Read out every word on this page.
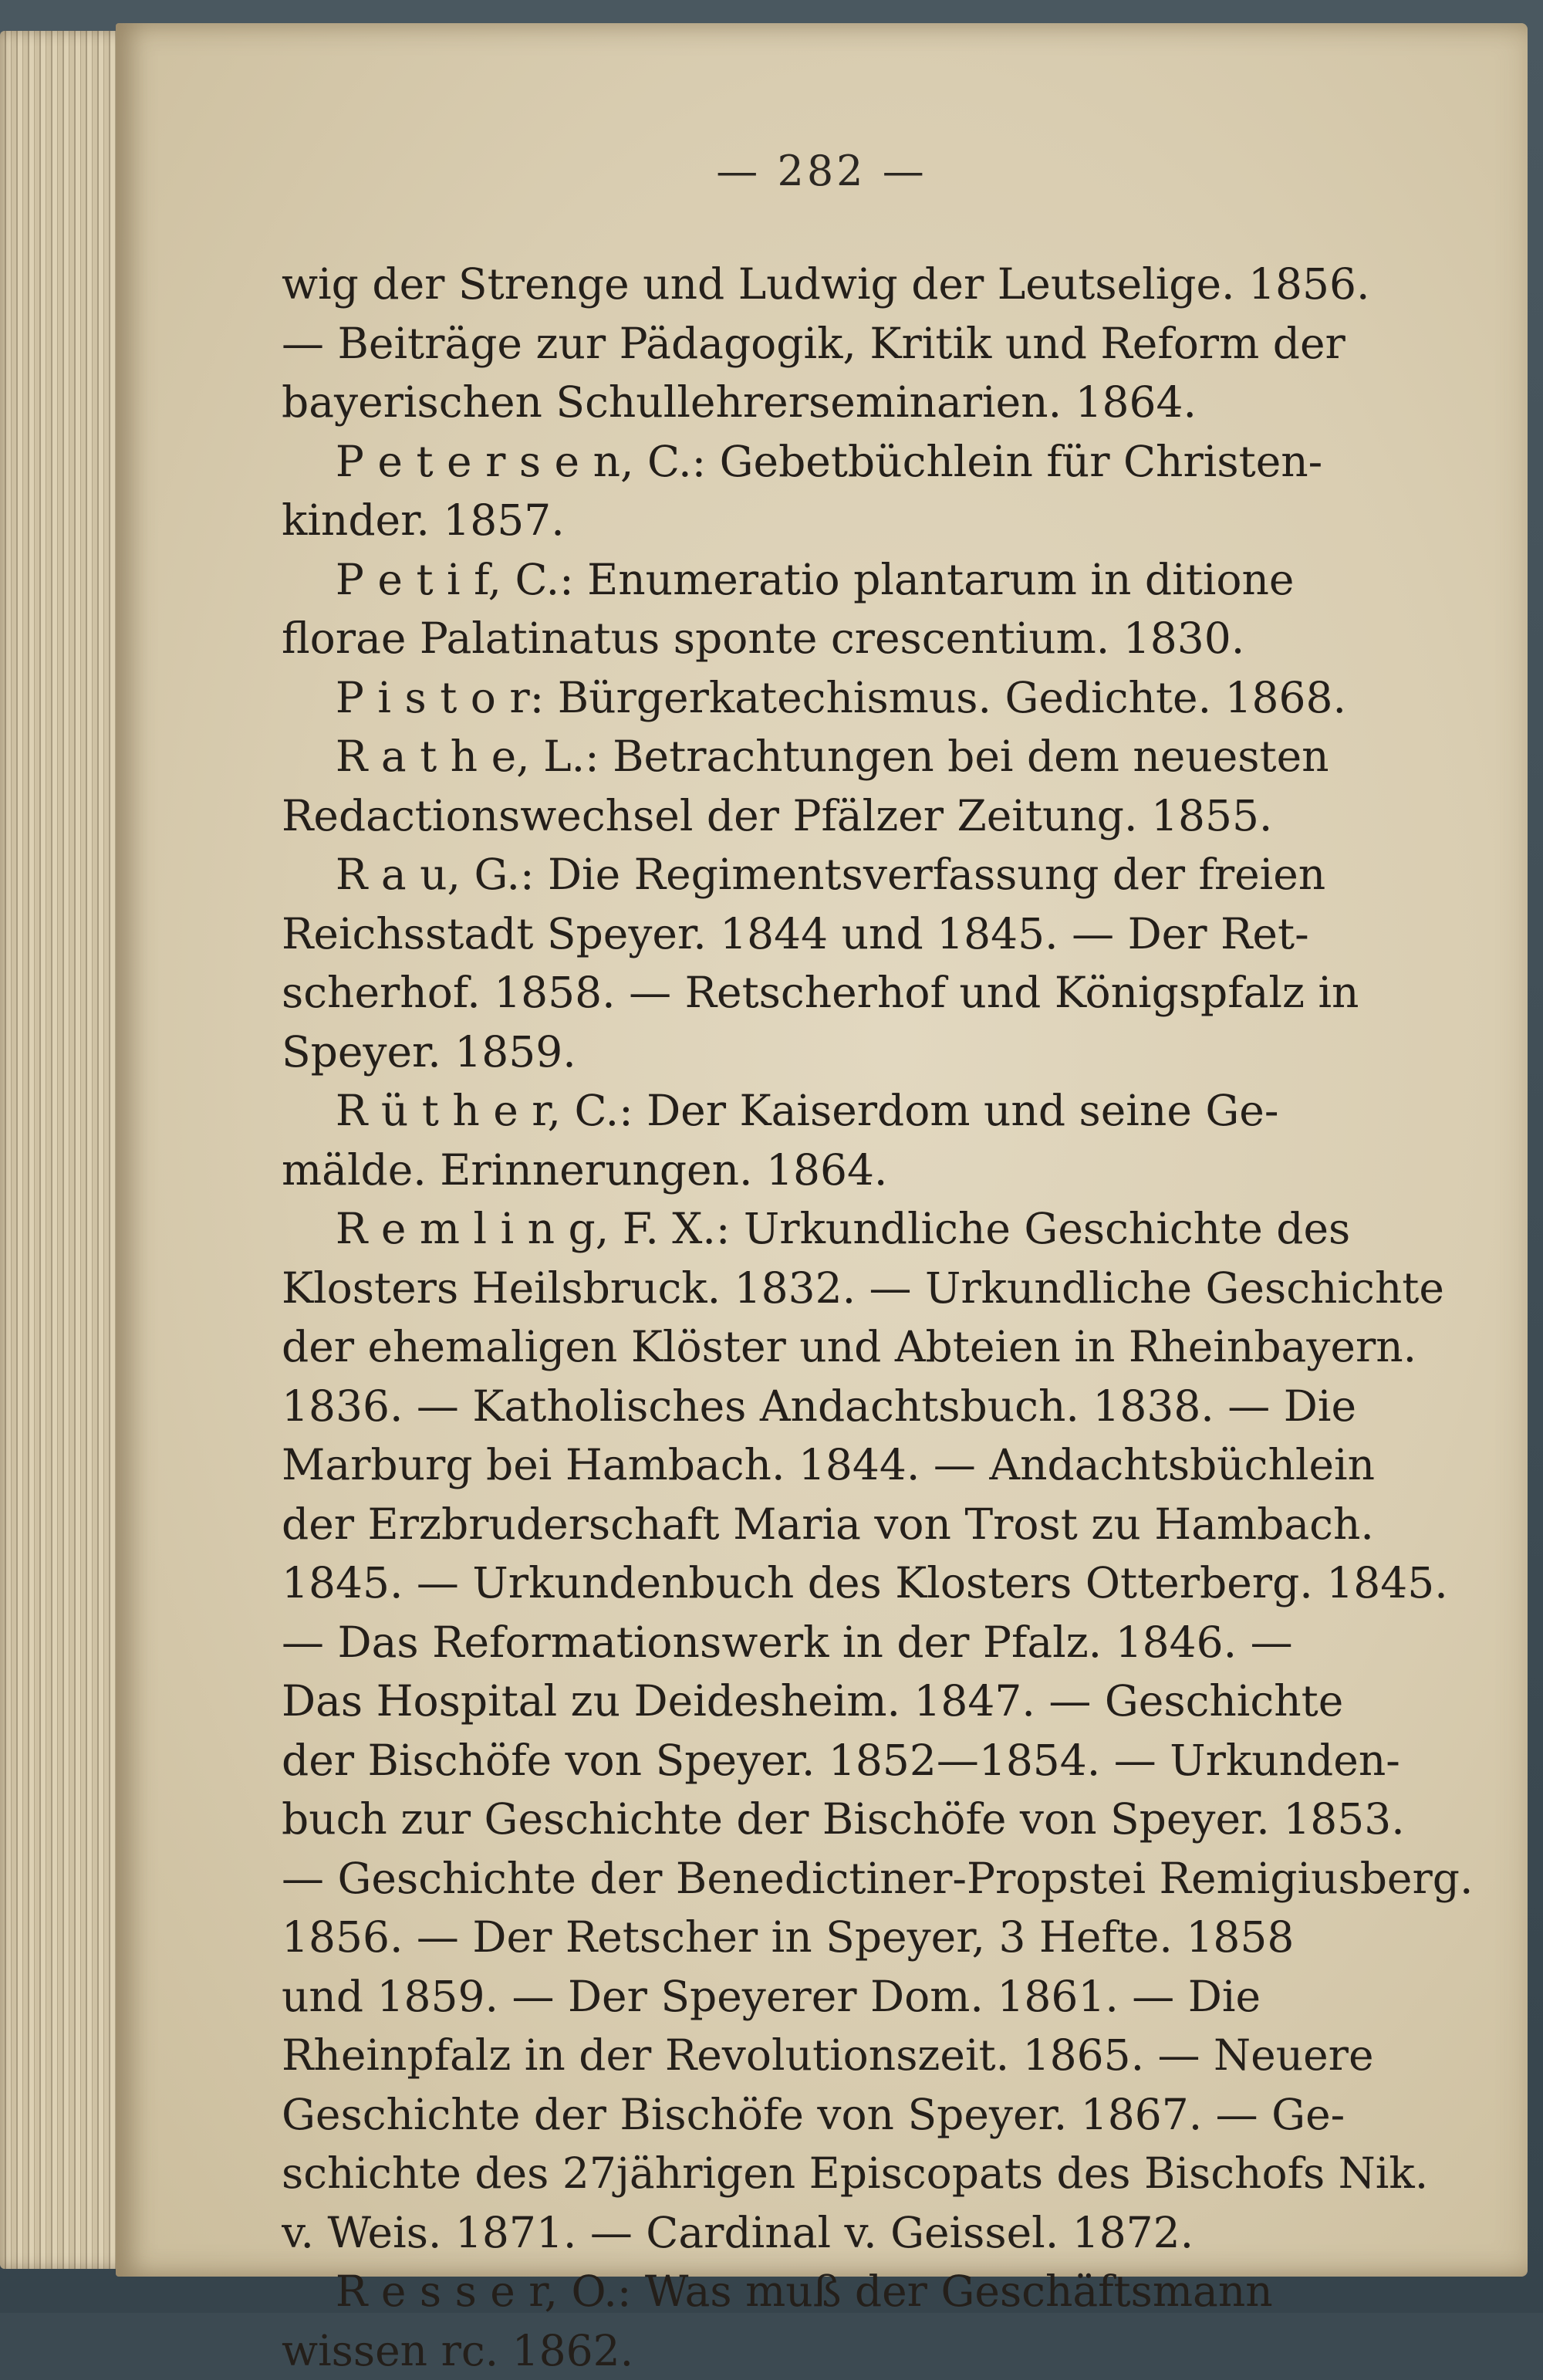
— 282 —
wig der Strenge und Ludwig der Leutselige. 1856.
— Beiträge zur Pädagogik, Kritik und Reform der
bayerischen Schullehrerseminarien. 1864.
P e t e r s e n, C.: Gebetbüchlein für Christen-
kinder. 1857.
P e t i f, C.: Enumeratio plantarum in ditione
florae Palatinatus sponte crescentium. 1830.
P i s t o r: Bürgerkatechismus. Gedichte. 1868.
R a t h e, L.: Betrachtungen bei dem neuesten
Redactionswechsel der Pfälzer Zeitung. 1855.
R a u, G.: Die Regimentsverfassung der freien
Reichsstadt Speyer. 1844 und 1845. — Der Ret-
scherhof. 1858. — Retscherhof und Königspfalz in
Speyer. 1859.
R ü t h e r, C.: Der Kaiserdom und seine Ge-
mälde. Erinnerungen. 1864.
R e m l i n g, F. X.: Urkundliche Geschichte des
Klosters Heilsbruck. 1832. — Urkundliche Geschichte
der ehemaligen Klöster und Abteien in Rheinbayern.
1836. — Katholisches Andachtsbuch. 1838. — Die
Marburg bei Hambach. 1844. — Andachtsbüchlein
der Erzbruderschaft Maria von Trost zu Hambach.
1845. — Urkundenbuch des Klosters Otterberg. 1845.
— Das Reformationswerk in der Pfalz. 1846. —
Das Hospital zu Deidesheim. 1847. — Geschichte
der Bischöfe von Speyer. 1852—1854. — Urkunden-
buch zur Geschichte der Bischöfe von Speyer. 1853.
— Geschichte der Benedictiner-Propstei Remigiusberg.
1856. — Der Retscher in Speyer, 3 Hefte. 1858
und 1859. — Der Speyerer Dom. 1861. — Die
Rheinpfalz in der Revolutionszeit. 1865. — Neuere
Geschichte der Bischöfe von Speyer. 1867. — Ge-
schichte des 27jährigen Episcopats des Bischofs Nik.
v. Weis. 1871. — Cardinal v. Geissel. 1872.
R e s s e r, O.: Was muß der Geschäftsmann
wissen rc. 1862.
